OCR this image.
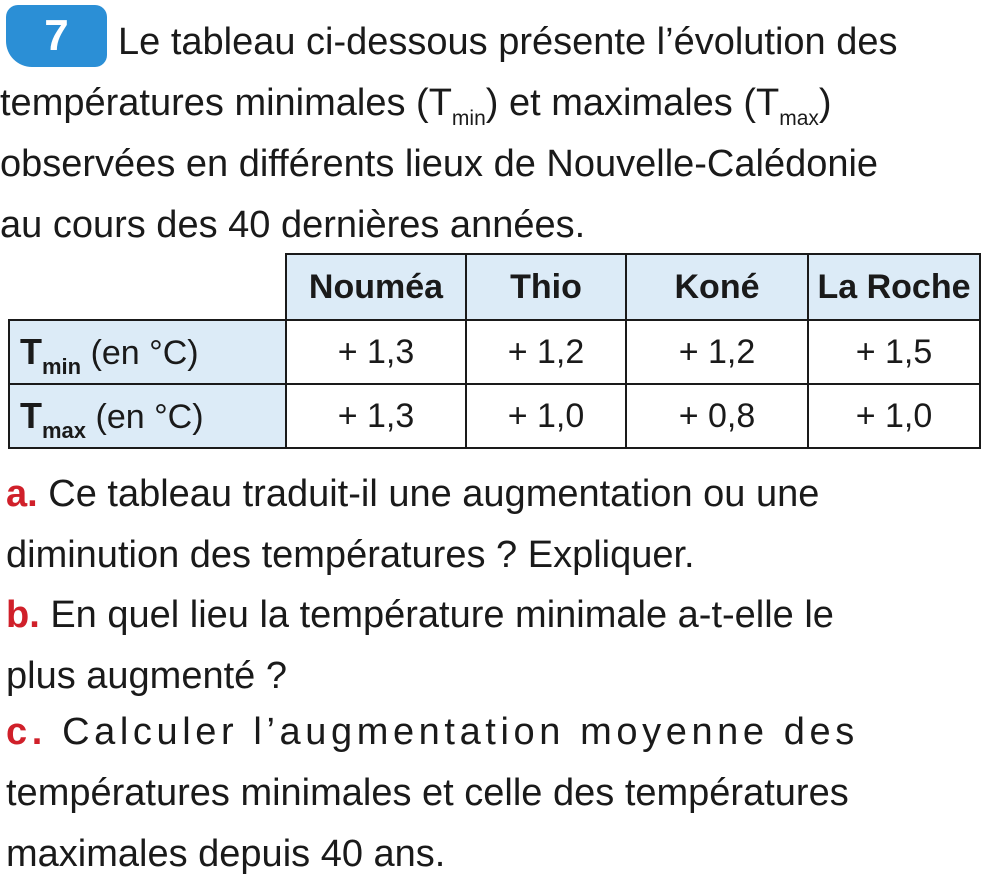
7	Le tableau ci-dessous présente l’évolution des
températures minimales $(T_{min})$ et maximales $(T_{max})$
observées en différents lieux de Nouvelle-Calédonie
au cours des 40 dernières années.
	Nouméa	Thio	Koné	La Roche
$T_{min}$ (en °C)	+ 1,3	+ 1,2	+ 1,2	+ 1,5
$T_{max}$ (en °C)	+ 1,3	+ 1,0	+ 0,8	+ 1,0
a. Ce tableau traduit-il une augmentation ou une
diminution des températures ? Expliquer.
b. En quel lieu la température minimale a-t-elle le
plus augmenté ?
c. Calculer l’augmentation moyenne des
températures minimales et celle des températures
maximales depuis 40 ans.
